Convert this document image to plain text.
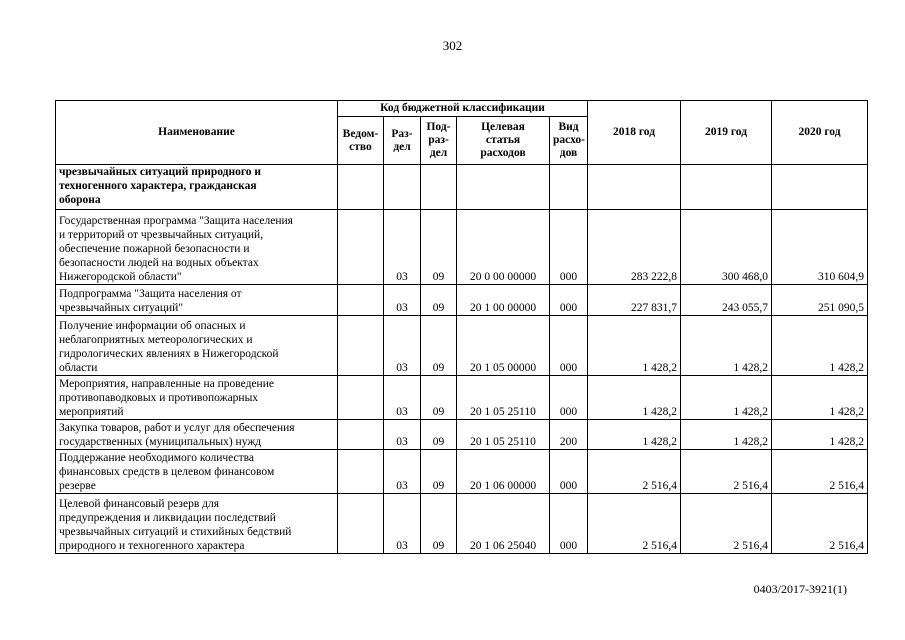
302
Наименование	Код бюджетной классификации					2018 год	2019 год	2020 год
	Ведом-
ство	Раз-
дел	Под-
раз-
дел	Целевая
статья
расходов	Вид
расхо-
дов			
чрезвычайных ситуаций природного и
техногенного характера, гражданская
оборона								
Государственная программа "Защита населения
и территорий от чрезвычайных ситуаций,
обеспечение пожарной безопасности и
безопасности людей на водных объектах
Нижегородской области"		03	09	20 0 00 00000	000	283 222,8	300 468,0	310 604,9
Подпрограмма "Защита населения от
чрезвычайных ситуаций"		03	09	20 1 00 00000	000	227 831,7	243 055,7	251 090,5
Получение информации об опасных и
неблагоприятных метеорологических и
гидрологических явлениях в Нижегородской
области		03	09	20 1 05 00000	000	1 428,2	1 428,2	1 428,2
Мероприятия, направленные на проведение
противопаводковых и противопожарных
мероприятий		03	09	20 1 05 25110	000	1 428,2	1 428,2	1 428,2
Закупка товаров, работ и услуг для обеспечения
государственных (муниципальных) нужд		03	09	20 1 05 25110	200	1 428,2	1 428,2	1 428,2
Поддержание необходимого количества
финансовых средств в целевом финансовом
резерве		03	09	20 1 06 00000	000	2 516,4	2 516,4	2 516,4
Целевой финансовый резерв для
предупреждения и ликвидации последствий
чрезвычайных ситуаций и стихийных бедствий
природного и техногенного характера		03	09	20 1 06 25040	000	2 516,4	2 516,4	2 516,4
0403/2017-3921(1)
